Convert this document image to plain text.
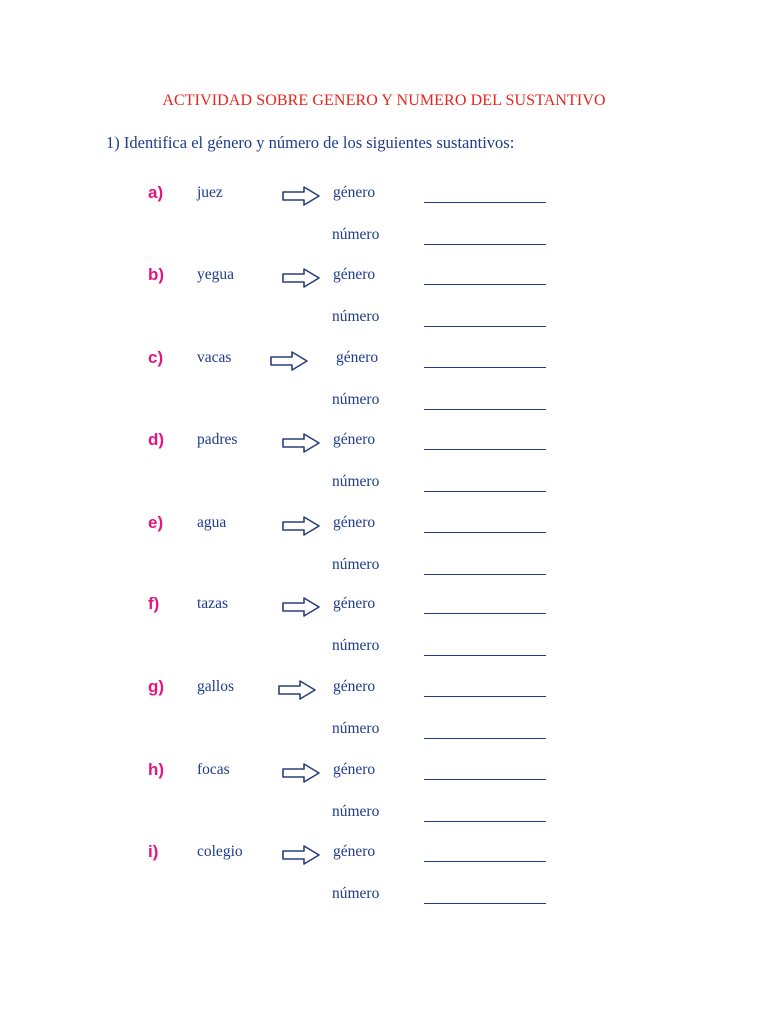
ACTIVIDAD SOBRE GENERO Y NUMERO DEL SUSTANTIVO
1) Identifica el género y número de los siguientes sustantivos:
a) juez	género
número
b) yegua	género
número
c) vacas	género
número
d) padres	género
número
e) agua	género
número
f) tazas	género
número
g) gallos	género
número
h) focas	género
número
i) colegio	género
número
